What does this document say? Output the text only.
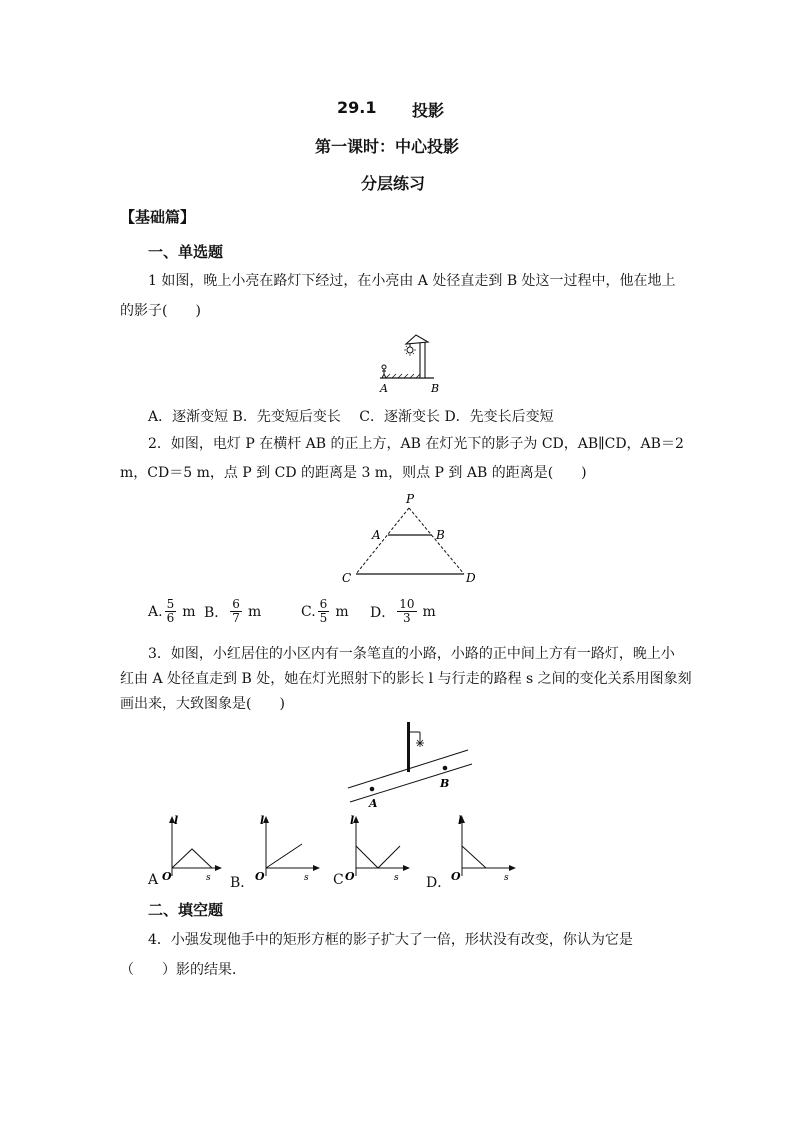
29.1 投影
第一课时：中心投影
分层练习
【基础篇】
一、单选题
1 如图，晚上小亮在路灯下经过，在小亮由 A 处径直走到 B 处这一过程中，他在地上
的影子(　　)
A	B
A．逐渐变短 B．先变短后变长　 C．逐渐变长 D．先变长后变短
2．如图，电灯 P 在横杆 AB 的正上方，AB 在灯光下的影子为 CD，AB∥CD，AB＝2
m，CD＝5 m，点 P 到 CD 的距离是 3 m，则点 P 到 AB 的距离是(　　)
P
A	B
C	D
A. $\frac{5}{6}$ m B． $\frac{6}{7}$ m	C. $\frac{6}{5}$ m D． $\frac{10}{3}$ m
3．如图，小红居住的小区内有一条笔直的小路，小路的正中间上方有一路灯，晚上小
红由 A 处径直走到 B 处，她在灯光照射下的影长 l 与行走的路程 s 之间的变化关系用图象刻
画出来，大致图象是(　　)
A
B
A
l
s
O	B．
l
s
O	C
l
s
O	D．
l
s
O
二、填空题
4．小强发现他手中的矩形方框的影子扩大了一倍，形状没有改变，你认为它是
（　　）影的结果．
